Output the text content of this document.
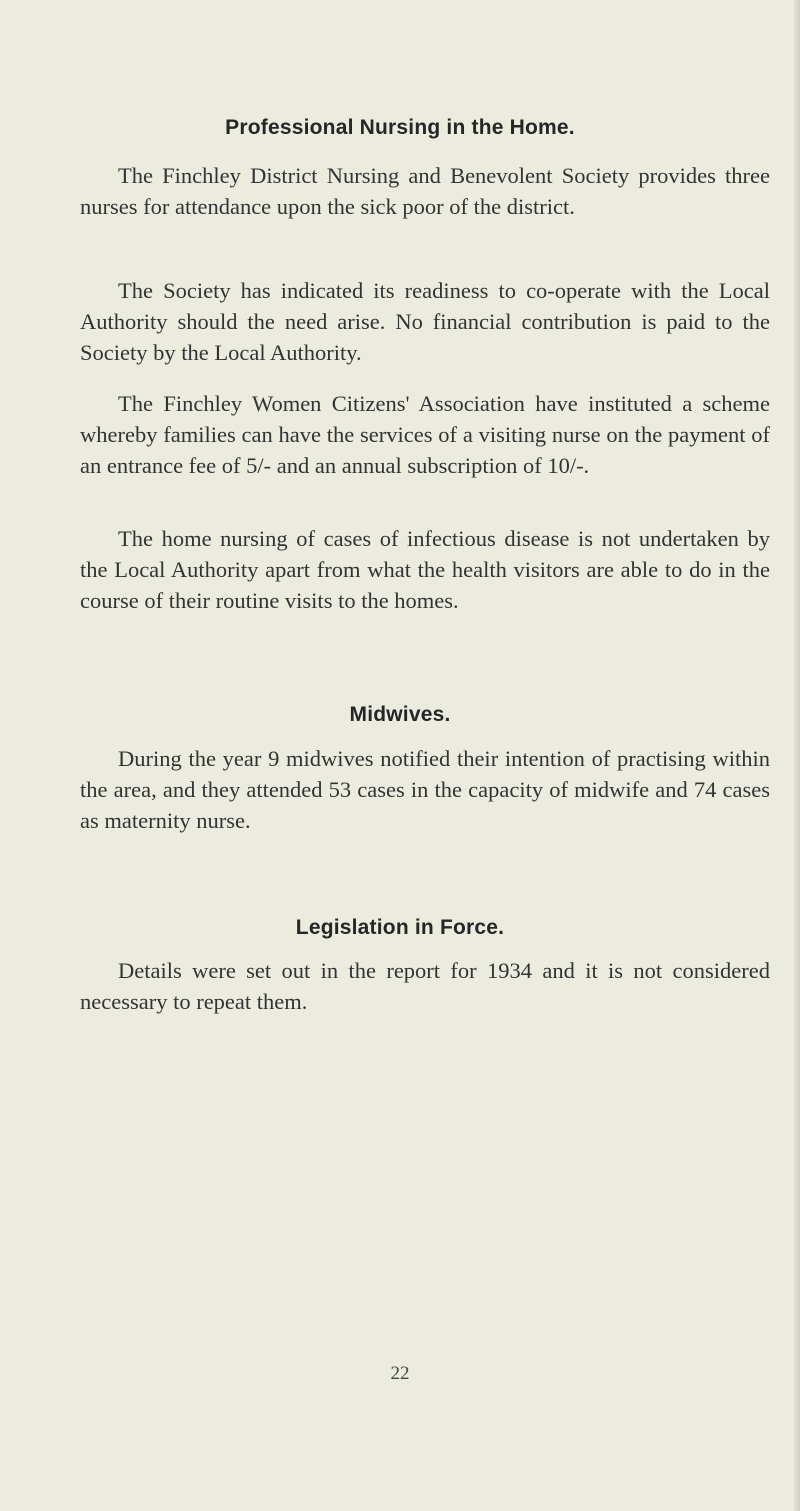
Professional Nursing in the Home.

The Finchley District Nursing and Benevolent Society provides three nurses for attendance upon the sick poor of the district.

The Society has indicated its readiness to co-operate with the Local Authority should the need arise. No financial contribution is paid to the Society by the Local Authority.

The Finchley Women Citizens' Association have instituted a scheme whereby families can have the services of a visiting nurse on the payment of an entrance fee of 5/- and an annual subscription of 10/-.

The home nursing of cases of infectious disease is not undertaken by the Local Authority apart from what the health visitors are able to do in the course of their routine visits to the homes.

Midwives.

During the year 9 midwives notified their intention of practising within the area, and they attended 53 cases in the capacity of midwife and 74 cases as maternity nurse.

Legislation in Force.

Details were set out in the report for 1934 and it is not considered necessary to repeat them.

22
